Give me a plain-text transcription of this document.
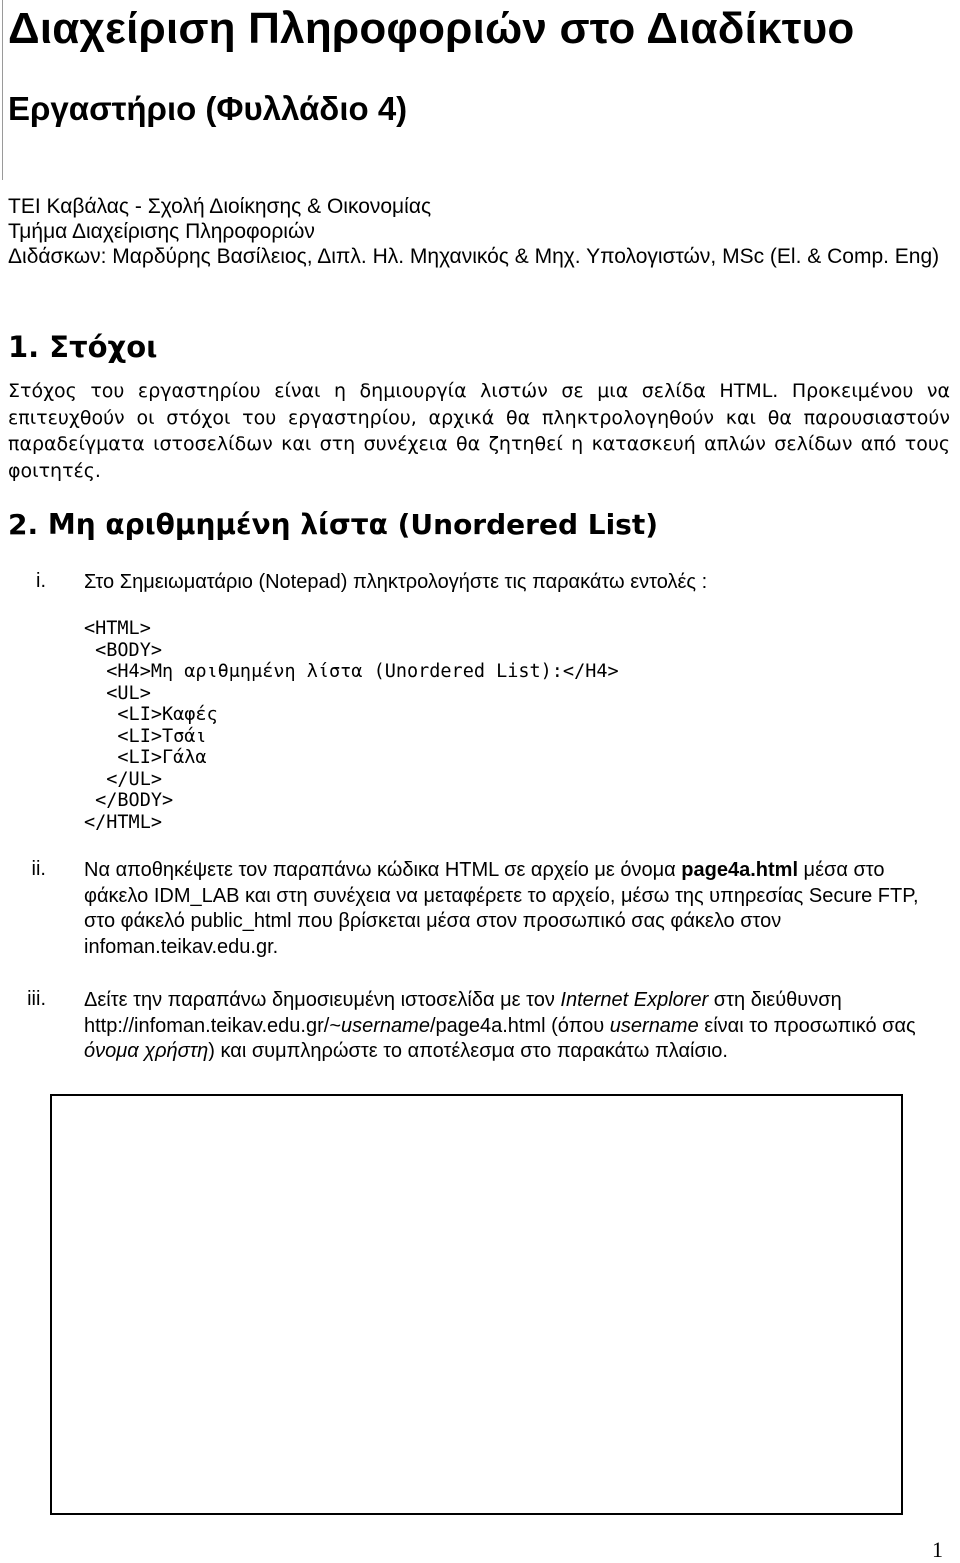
Διαχείριση Πληροφοριών στο Διαδίκτυο
Εργαστήριο (Φυλλάδιο 4)
ΤΕΙ Καβάλας - Σχολή Διοίκησης & Οικονομίας
Τμήμα Διαχείρισης Πληροφοριών
Διδάσκων: Μαρδύρης Βασίλειος, Διπλ. Ηλ. Μηχανικός & Μηχ. Υπολογιστών, MSc (El. & Comp. Eng)
1. Στόχοι

Στόχος του εργαστηρίου είναι η δημιουργία λιστών σε μια σελίδα HTML. Προκειμένου να επιτευχθούν οι στόχοι του εργαστηρίου, αρχικά θα πληκτρολογηθούν και θα παρουσιαστούν παραδείγματα ιστοσελίδων και στη συνέχεια θα ζητηθεί η κατασκευή απλών σελίδων από τους φοιτητές.

2. Μη αριθμημένη λίστα (Unordered List)
i. Στο Σημειωματάριο (Notepad) πληκτρολογήστε τις παρακάτω εντολές :
<HTML>
<BODY>
<H4>Μη αριθμημένη λίστα (Unordered List):</H4>
<UL>
<LI>Καφές
<LI>Τσάι
<LI>Γάλα
</UL>
</BODY>
</HTML>
ii. Να αποθηκέψετε τον παραπάνω κώδικα HTML σε αρχείο με όνομα page4a.html μέσα στο φάκελο IDM_LAB και στη συνέχεια να μεταφέρετε το αρχείο, μέσω της υπηρεσίας Secure FTP, στο φάκελό public_html που βρίσκεται μέσα στον προσωπικό σας φάκελο στον infoman.teikav.edu.gr.
iii. Δείτε την παραπάνω δημοσιευμένη ιστοσελίδα με τον Internet Explorer στη διεύθυνση http://infoman.teikav.edu.gr/~username/page4a.html (όπου username είναι το προσωπικό σας όνομα χρήστη) και συμπληρώστε το αποτέλεσμα στο παρακάτω πλαίσιο.
1
